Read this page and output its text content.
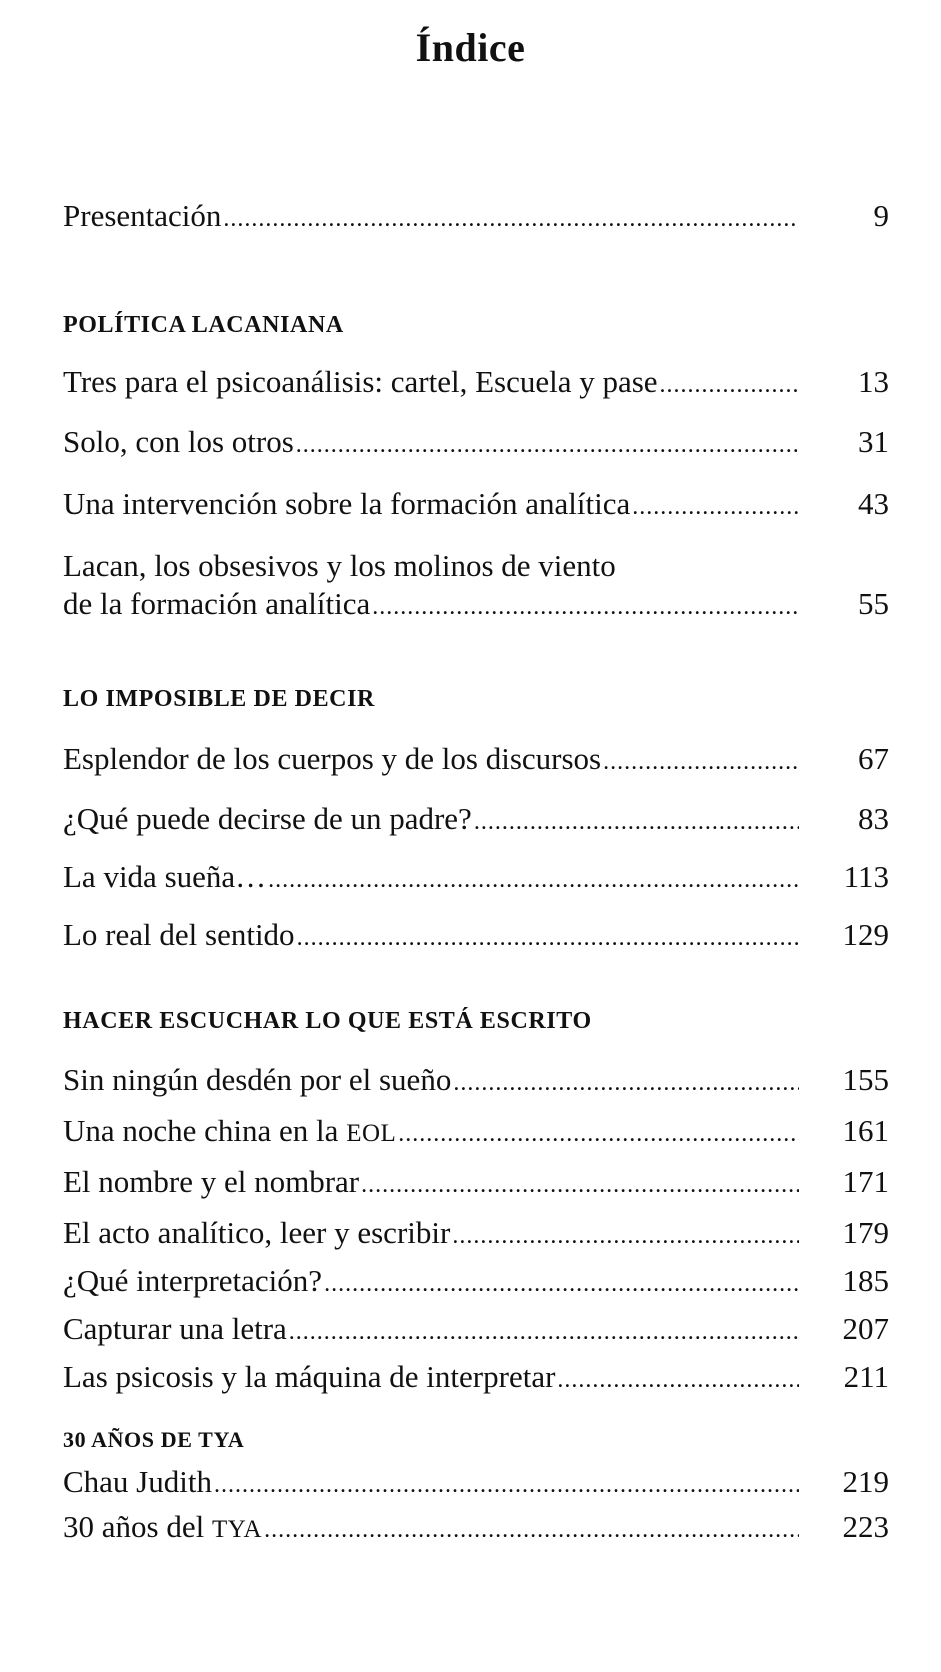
Índice
Presentación .....	9
POLÍTICA LACANIANA
Tres para el psicoanálisis: cartel, Escuela y pase .....	13
Solo, con los otros .....	31
Una intervención sobre la formación analítica .....	43
Lacan, los obsesivos y los molinos de viento
de la formación analítica .....	55
LO IMPOSIBLE DE DECIR
Esplendor de los cuerpos y de los discursos .....	67
¿Qué puede decirse de un padre? .....	83
La vida sueña… .....	113
Lo real del sentido .....	129
HACER ESCUCHAR LO QUE ESTÁ ESCRITO
Sin ningún desdén por el sueño .....	155
Una noche china en la EOL .....	161
El nombre y el nombrar .....	171
El acto analítico, leer y escribir .....	179
¿Qué interpretación? .....	185
Capturar una letra .....	207
Las psicosis y la máquina de interpretar .....	211
30 AÑOS DE TYA
Chau Judith .....	219
30 años del TYA .....	223
